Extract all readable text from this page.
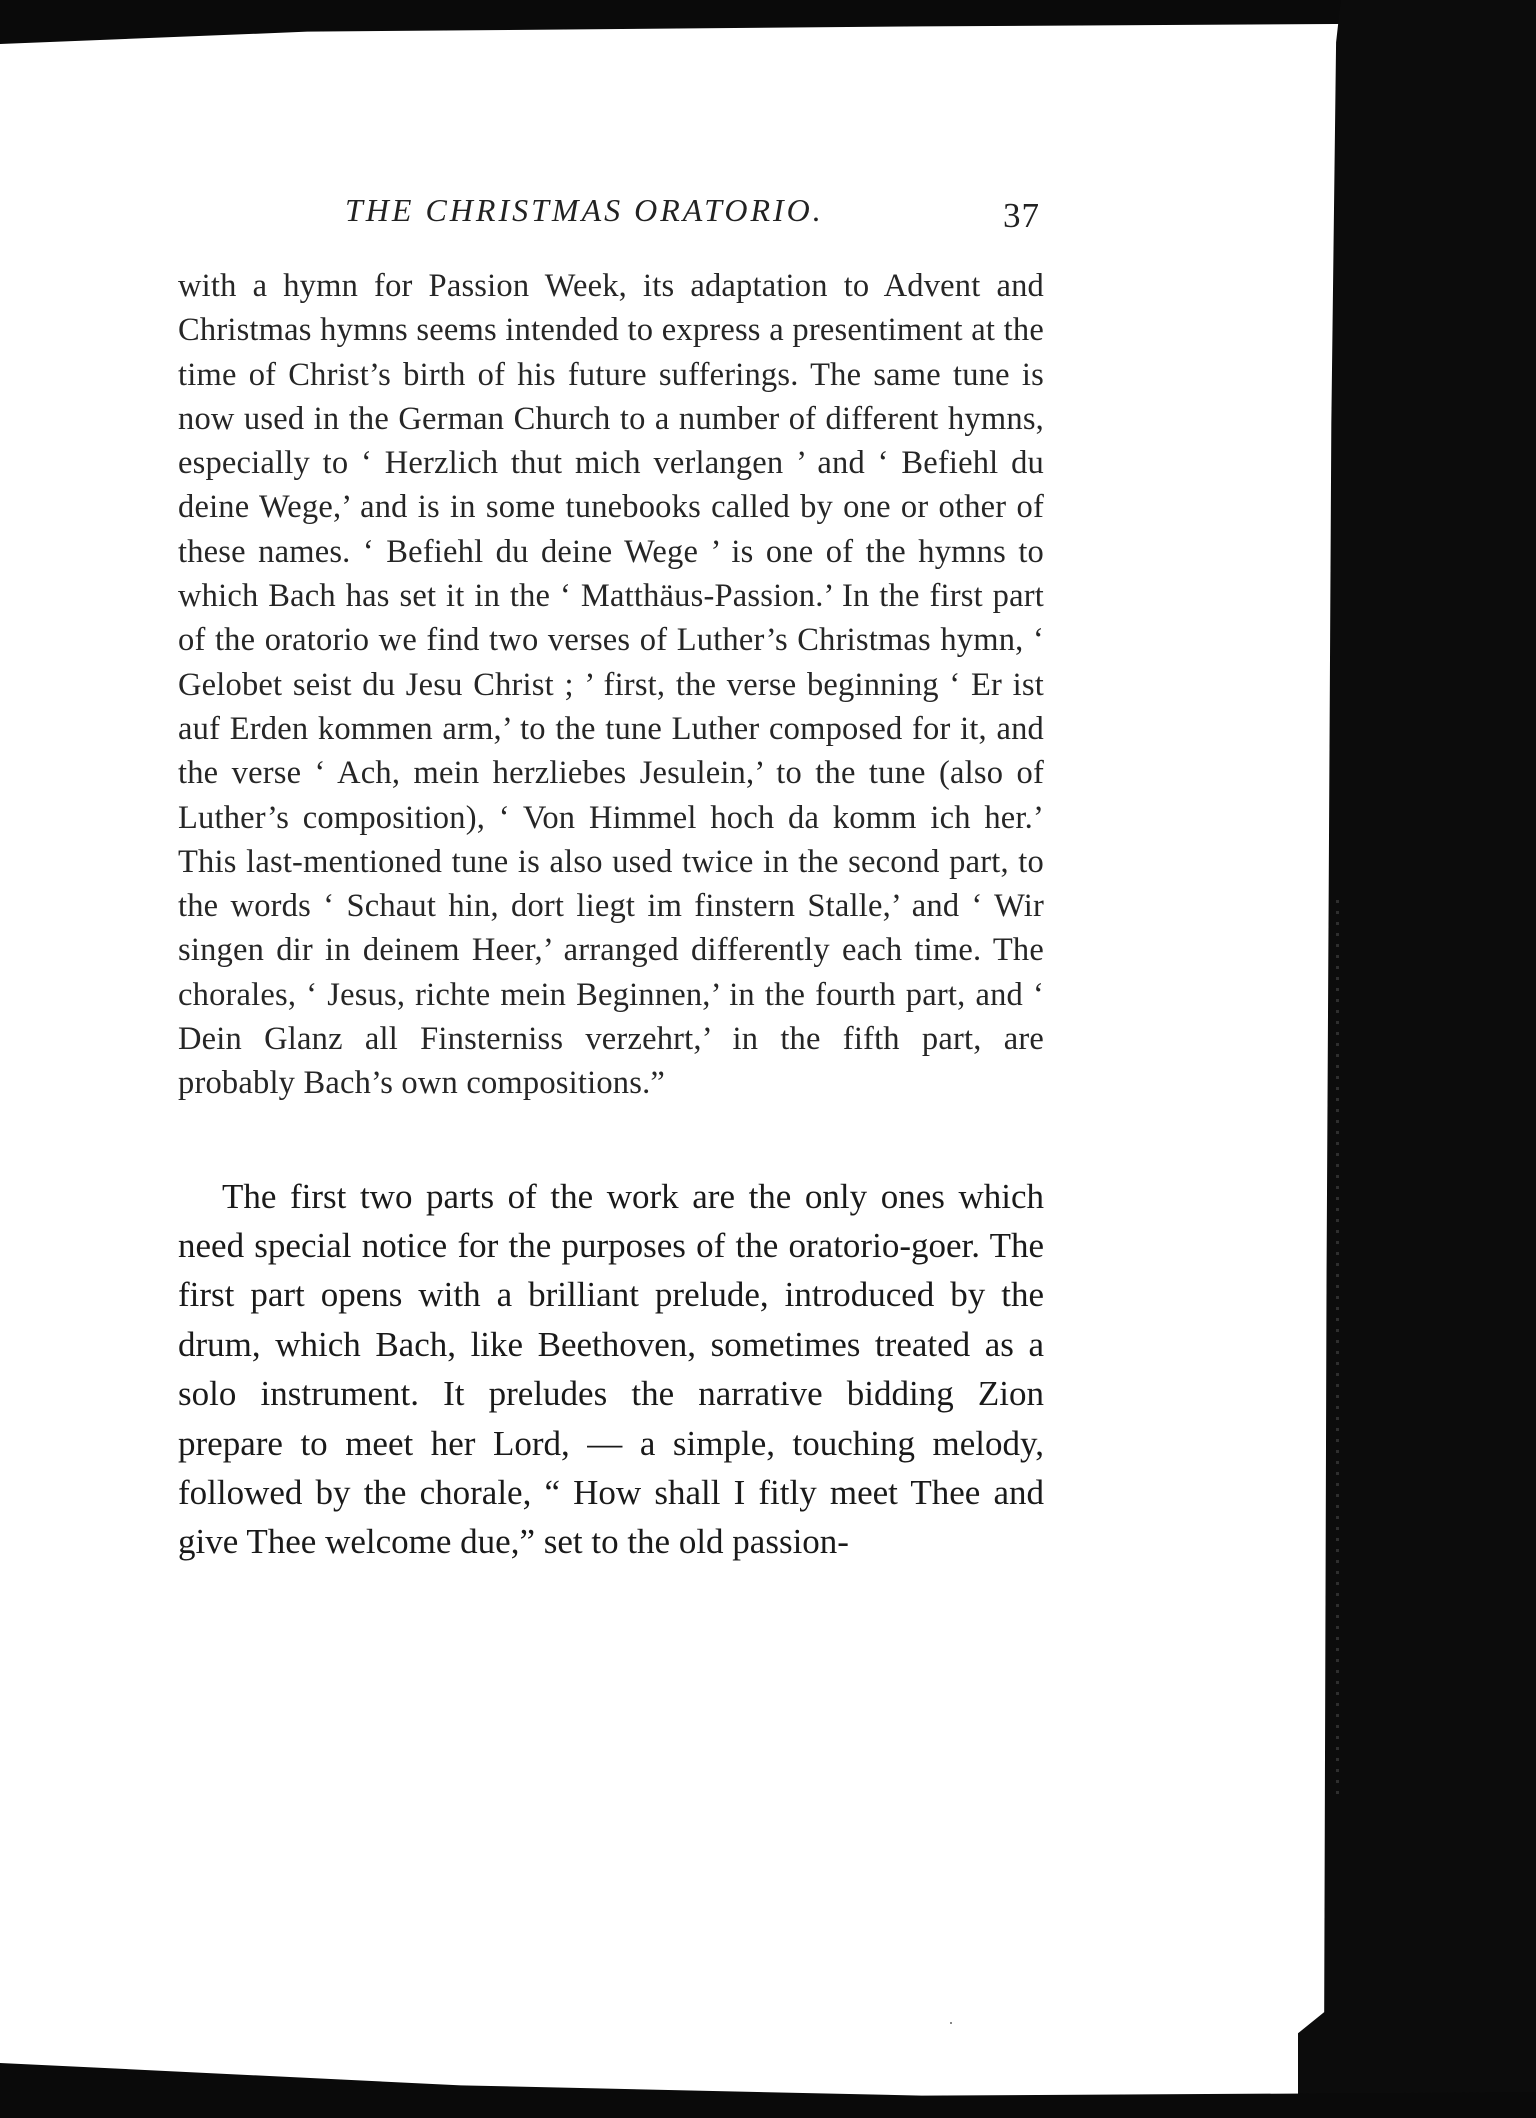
THE CHRISTMAS ORATORIO.	37

with a hymn for Passion Week, its adaptation to Advent and Christmas hymns seems intended to express a presentiment at the time of Christ’s birth of his future sufferings. The same tune is now used in the German Church to a number of different hymns, especially to ‘ Herzlich thut mich verlangen ’ and ‘ Befiehl du deine Wege,’ and is in some tunebooks called by one or other of these names. ‘ Befiehl du deine Wege ’ is one of the hymns to which Bach has set it in the ‘ Matthäus-Passion.’ In the first part of the oratorio we find two verses of Luther’s Christmas hymn, ‘ Gelobet seist du Jesu Christ ; ’ first, the verse beginning ‘ Er ist auf Erden kommen arm,’ to the tune Luther composed for it, and the verse ‘ Ach, mein herzliebes Jesulein,’ to the tune (also of Luther’s composition), ‘ Von Himmel hoch da komm ich her.’ This last-mentioned tune is also used twice in the second part, to the words ‘ Schaut hin, dort liegt im finstern Stalle,’ and ‘ Wir singen dir in deinem Heer,’ arranged differently each time. The chorales, ‘ Jesus, richte mein Beginnen,’ in the fourth part, and ‘ Dein Glanz all Finsterniss verzehrt,’ in the fifth part, are probably Bach’s own compositions.”

The first two parts of the work are the only ones which need special notice for the purposes of the oratorio-goer. The first part opens with a brilliant prelude, introduced by the drum, which Bach, like Beethoven, sometimes treated as a solo instrument. It preludes the narrative bidding Zion prepare to meet her Lord, — a simple, touching melody, followed by the chorale, “ How shall I fitly meet Thee and give Thee welcome due,” set to the old passion-
